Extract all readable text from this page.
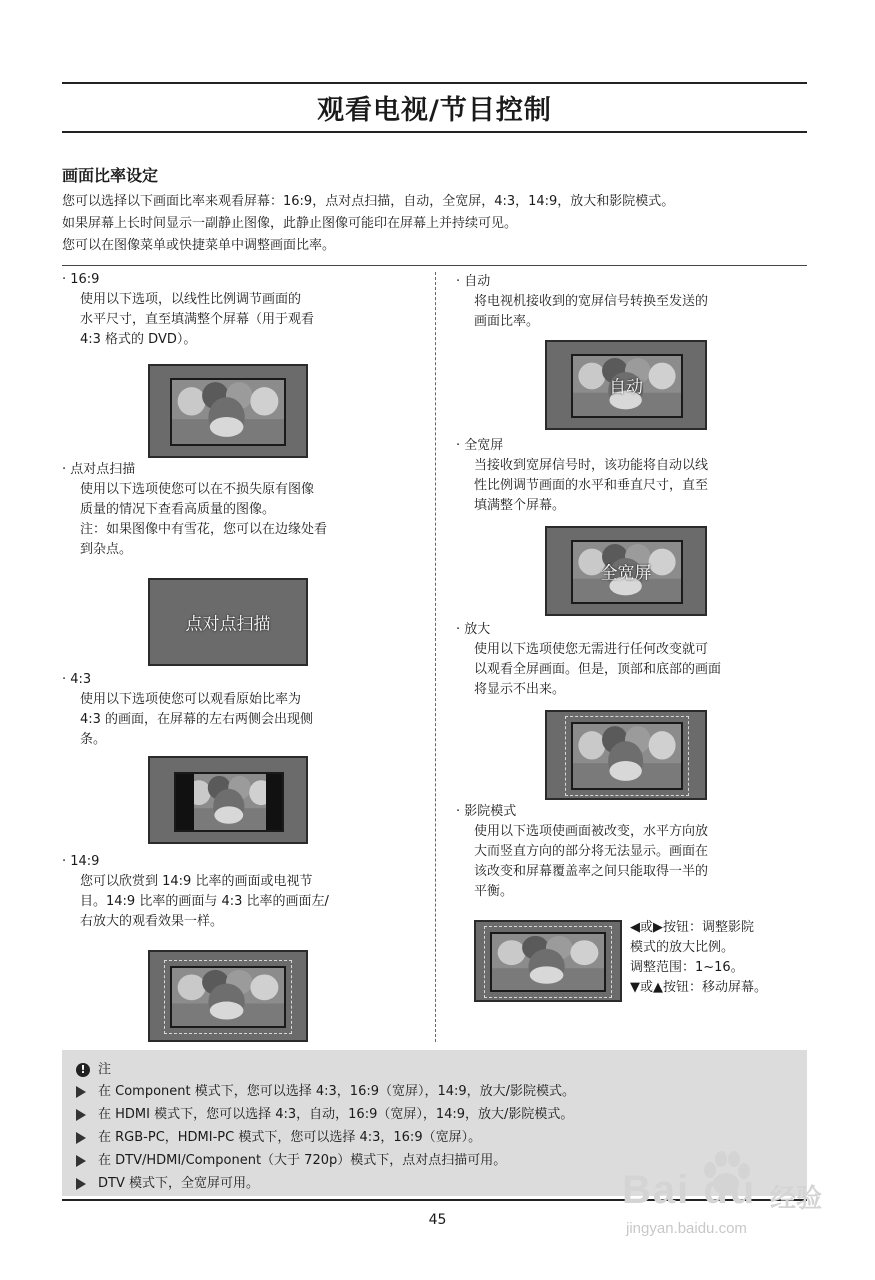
观看电视/节目控制
画面比率设定
您可以选择以下画面比率来观看屏幕：16:9，点对点扫描，自动，全宽屏，4:3，14:9，放大和影院模式。
如果屏幕上长时间显示一副静止图像，此静止图像可能印在屏幕上并持续可见。
您可以在图像菜单或快捷菜单中调整画面比率。
· 16:9
使用以下选项，以线性比例调节画面的
水平尺寸，直至填满整个屏幕（用于观看
4:3 格式的 DVD）。
· 点对点扫描
使用以下选项使您可以在不损失原有图像
质量的情况下查看高质量的图像。
注：如果图像中有雪花，您可以在边缘处看
到杂点。
点对点扫描
· 4:3
使用以下选项使您可以观看原始比率为
4:3 的画面，在屏幕的左右两侧会出现侧
条。
· 14:9
您可以欣赏到 14:9 比率的画面或电视节
目。14:9 比率的画面与 4:3 比率的画面左/
右放大的观看效果一样。
· 自动
将电视机接收到的宽屏信号转换至发送的
画面比率。
自动
· 全宽屏
当接收到宽屏信号时，该功能将自动以线
性比例调节画面的水平和垂直尺寸，直至
填满整个屏幕。
全宽屏
· 放大
使用以下选项使您无需进行任何改变就可
以观看全屏画面。但是，顶部和底部的画面
将显示不出来。
· 影院模式
使用以下选项使画面被改变，水平方向放
大而竖直方向的部分将无法显示。画面在
该改变和屏幕覆盖率之间只能取得一半的
平衡。
◀或▶按钮：调整影院
模式的放大比例。
调整范围：1~16。
▼或▲按钮：移动屏幕。
! 注
在 Component 模式下，您可以选择 4:3，16:9（宽屏），14:9，放大/影院模式。
在 HDMI 模式下，您可以选择 4:3，自动，16:9（宽屏），14:9，放大/影院模式。
在 RGB-PC，HDMI-PC 模式下，您可以选择 4:3，16:9（宽屏）。
在 DTV/HDMI/Component（大于 720p）模式下，点对点扫描可用。
DTV 模式下，全宽屏可用。
45
Bai du 经验
jingyan.baidu.com
